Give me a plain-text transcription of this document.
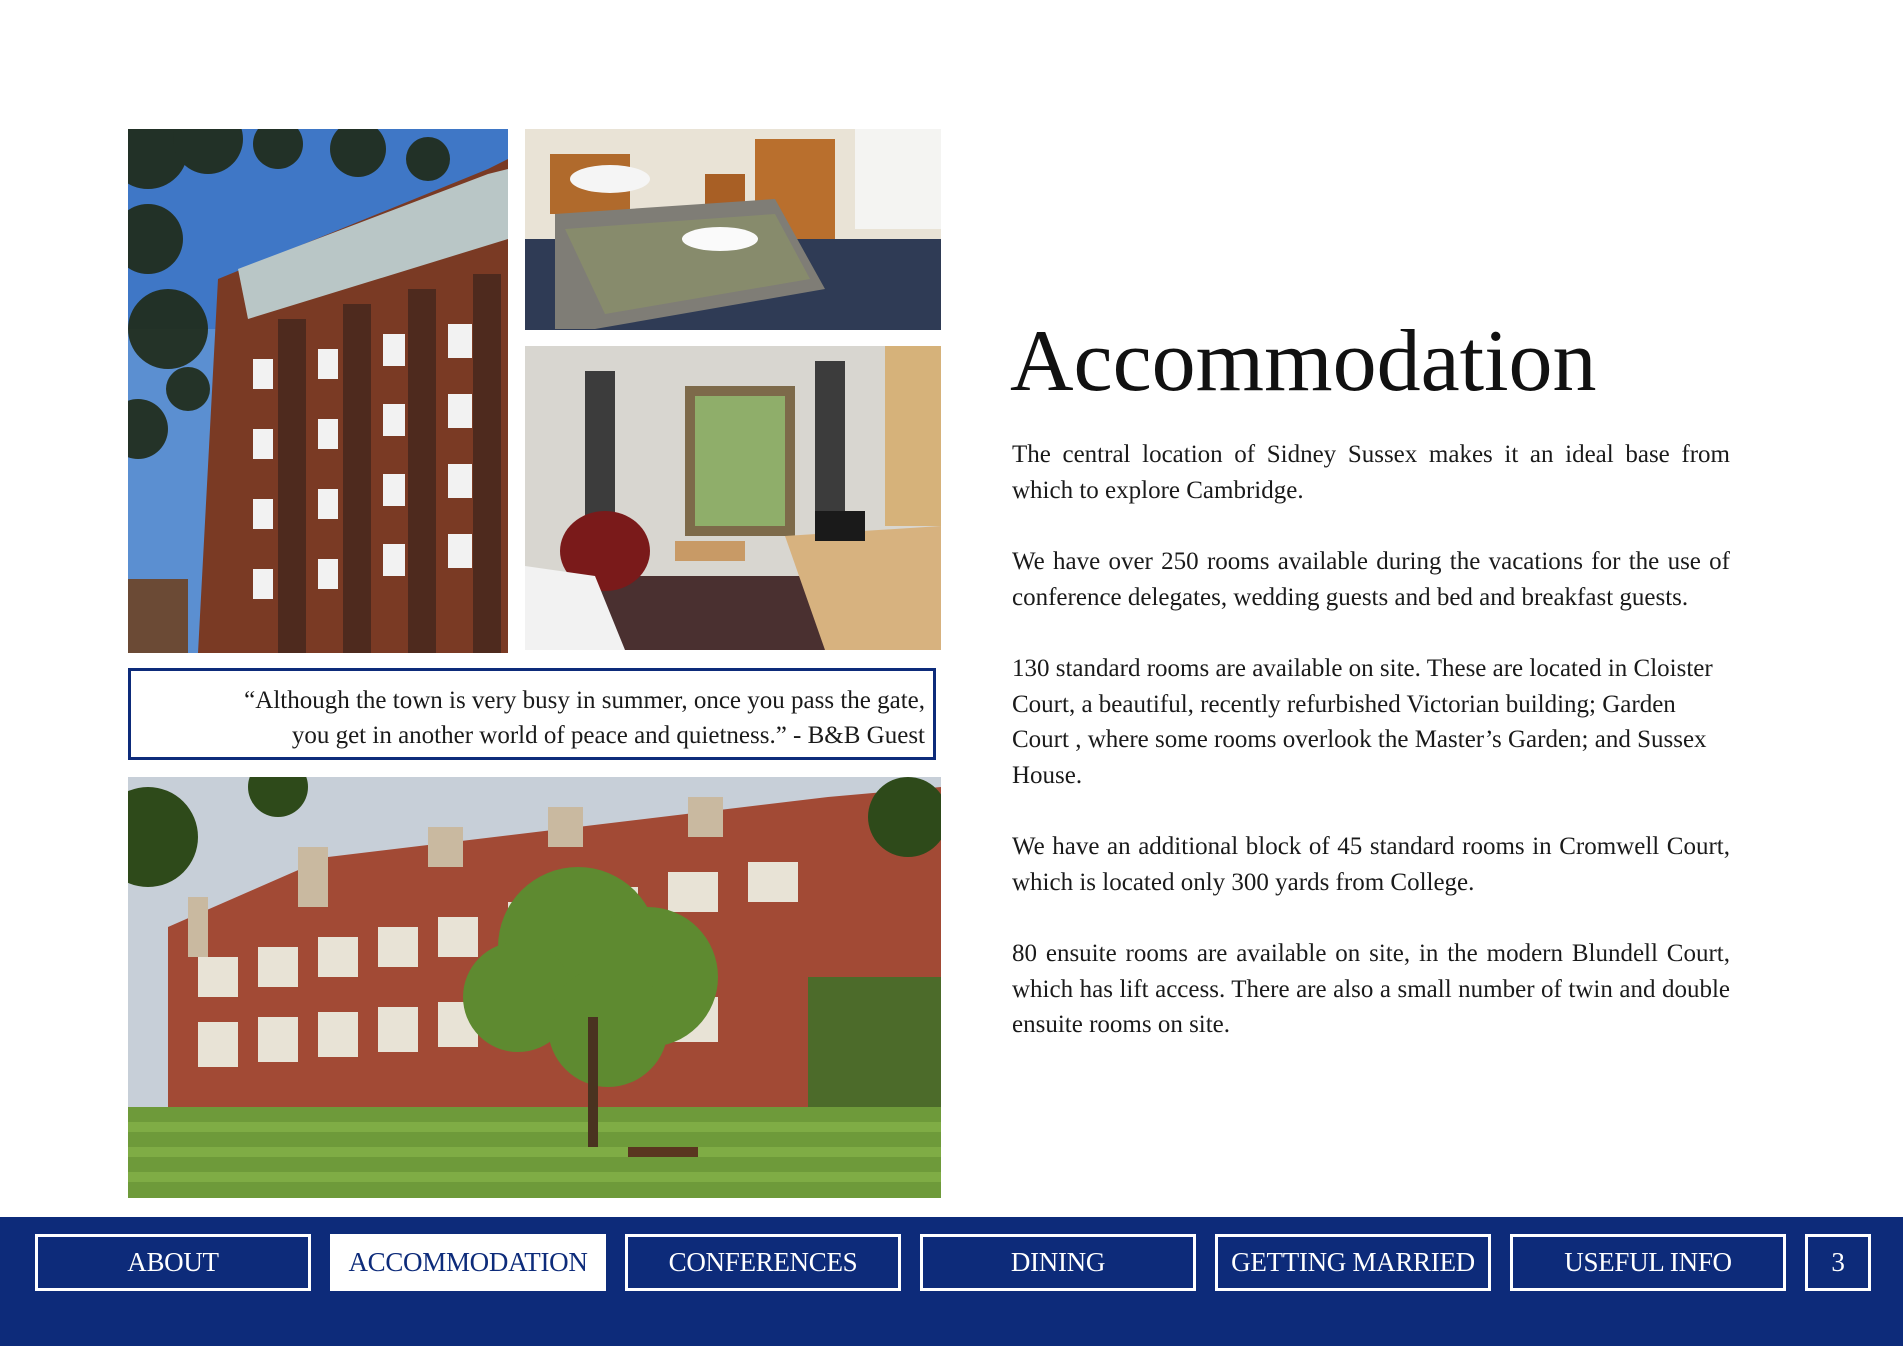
“Although the town is very busy in summer, once you pass the gate,
you get in another world of peace and quietness.” - B&B Guest
Accommodation

The central location of Sidney Sussex makes it an ideal base from which to explore Cambridge.

We have over 250 rooms available during the vacations for the use of conference delegates, wedding guests and bed and breakfast guests.

130 standard rooms are available on site. These are located in Cloister Court, a beautiful, recently refurbished Victorian building; Garden Court , where some rooms overlook the Master’s Garden; and Sussex House.

We have an additional block of 45 standard rooms in Cromwell Court, which is located only 300 yards from College.

80 ensuite rooms are available on site, in the modern Blundell Court, which has lift access. There are also a small number of twin and double ensuite rooms on site.

ABOUT	ACCOMMODATION	CONFERENCES	DINING	GETTING MARRIED	USEFUL INFO	3
